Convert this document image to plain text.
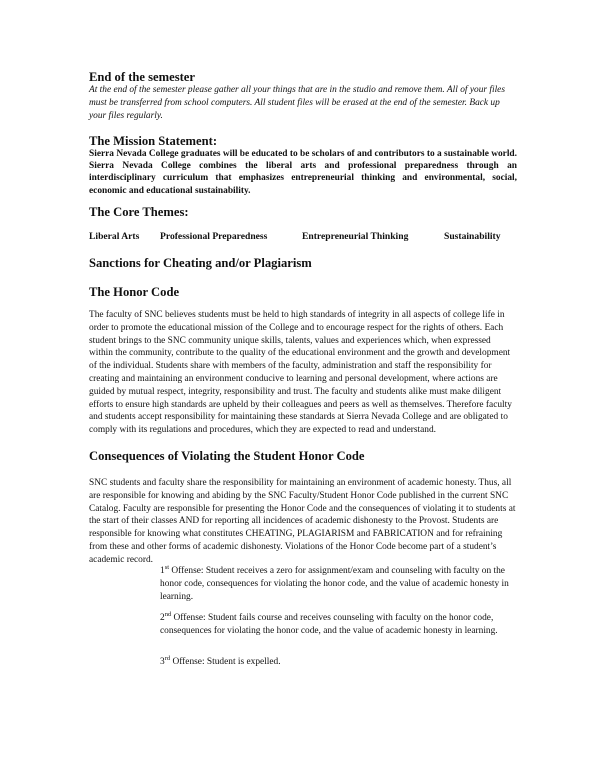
End of the semester

At the end of the semester please gather all your things that are in the studio and remove them. All of your files must be transferred from school computers. All student files will be erased at the end of the semester. Back up your files regularly.

The Mission Statement:

Sierra Nevada College graduates will be educated to be scholars of and contributors to a sustainable world. Sierra Nevada College combines the liberal arts and professional preparedness through an interdisciplinary curriculum that emphasizes entrepreneurial thinking and environmental, social, economic and educational sustainability.

The Core Themes:
Liberal Arts Professional Preparedness	Entrepreneurial Thinking	Sustainability
Sanctions for Cheating and/or Plagiarism
The Honor Code

The faculty of SNC believes students must be held to high standards of integrity in all aspects of college life in order to promote the educational mission of the College and to encourage respect for the rights of others. Each student brings to the SNC community unique skills, talents, values and experiences which, when expressed within the community, contribute to the quality of the educational environment and the growth and development of the individual. Students share with members of the faculty, administration and staff the responsibility for creating and maintaining an environment conducive to learning and personal development, where actions are guided by mutual respect, integrity, responsibility and trust. The faculty and students alike must make diligent efforts to ensure high standards are upheld by their colleagues and peers as well as themselves. Therefore faculty and students accept responsibility for maintaining these standards at Sierra Nevada College and are obligated to comply with its regulations and procedures, which they are expected to read and understand.

Consequences of Violating the Student Honor Code

SNC students and faculty share the responsibility for maintaining an environment of academic honesty. Thus, all are responsible for knowing and abiding by the SNC Faculty/Student Honor Code published in the current SNC Catalog. Faculty are responsible for presenting the Honor Code and the consequences of violating it to students at the start of their classes AND for reporting all incidences of academic dishonesty to the Provost. Students are responsible for knowing what constitutes CHEATING, PLAGIARISM and FABRICATION and for refraining from these and other forms of academic dishonesty. Violations of the Honor Code become part of a student’s academic record.

1st Offense: Student receives a zero for assignment/exam and counseling with faculty on the honor code, consequences for violating the honor code, and the value of academic honesty in learning.

2nd Offense: Student fails course and receives counseling with faculty on the honor code, consequences for violating the honor code, and the value of academic honesty in learning.

3rd Offense: Student is expelled.
